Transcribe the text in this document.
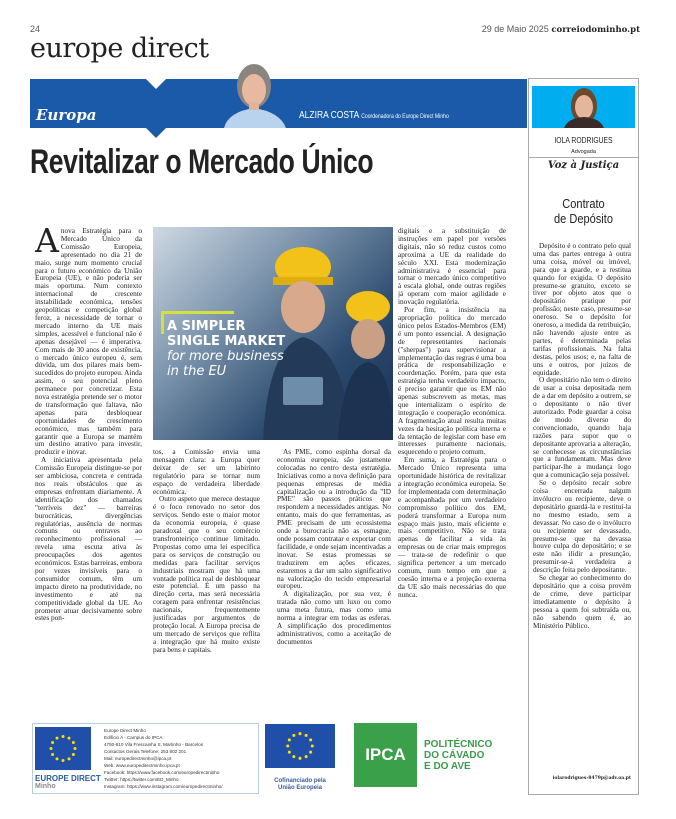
24	29 de Maio 2025 correiodominho.pt
europe direct
Europa	ALZIRA COSTA Coordenadora do Europe Direct Minho
Revitalizar o Mercado Único

A nova Estratégia para o Mercado Único da Comissão Europeia, apresentado no dia 21 de maio, surge num momento crucial para o futuro económico da União Europeia (UE), e não poderia ser mais oportuna. Num contexto internacional de crescente instabilidade económica, tensões geopolíticas e competição global feroz, a necessidade de tornar o mercado interno da UE mais simples, acessível e funcional não é apenas desejável — é imperativa. Com mais de 30 anos de existência, o mercado único europeu é, sem dúvida, um dos pilares mais bem-sucedidos do projeto europeu. Ainda assim, o seu potencial pleno permanece por concretizar. Esta nova estratégia pretende ser o motor de transformação que faltava, não apenas para desbloquear oportunidades de crescimento económico, mas também para garantir que a Europa se mantém um destino atrativo para investir, produzir e inovar.

A iniciativa apresentada pela Comissão Europeia distingue-se por ser ambiciosa, concreta e centrada nos reais obstáculos que as empresas enfrentam diariamente. A identificação dos chamados "terríveis dez" — barreiras burocráticas, divergências regulatórias, ausência de normas comuns ou entraves ao reconhecimento profissional — revela uma escuta ativa às preocupações dos agentes económicos. Estas barreiras, embora por vezes invisíveis para o consumidor comum, têm um impacto direto na produtividade, no investimento e até na competitividade global da UE. Ao prometer atuar decisivamente sobre estes pon-

A SIMPLER
SINGLE MARKET
for more business
in the EU

tos, a Comissão envia uma mensagem clara: a Europa quer deixar de ser um labirinto regulatório para se tornar num espaço de verdadeira liberdade económica.

Outro aspeto que merece destaque é o foco renovado no setor dos serviços. Sendo este o maior motor da economia europeia, é quase paradoxal que o seu comércio transfronteiriço continue limitado. Propostas como uma lei específica para os serviços de construção ou medidas para facilitar serviços industriais mostram que há uma vontade política real de desbloquear este potencial. É um passo na direção certa, mas será necessária coragem para enfrentar resistências nacionais, frequentemente justificadas por argumentos de proteção local. A Europa precisa de um mercado de serviços que reflita a integração que há muito existe para bens e capitais.

As PME, como espinha dorsal da economia europeia, são justamente colocadas no centro desta estratégia. Iniciativas como a nova definição para pequenas empresas de média capitalização ou a introdução da "ID PME" são passos práticos que respondem a necessidades antigas. No entanto, mais do que ferramentas, as PME precisam de um ecossistema onde a burocracia não as esmague, onde possam contratar e exportar com facilidade, e onde sejam incentivadas a inovar. Se estas promessas se traduzirem em ações eficazes, estaremos a dar um salto significativo na valorização do tecido empresarial europeu.

A digitalização, por sua vez, é tratada não como um luxo ou como uma meta futura, mas como uma norma a integrar em todas as esferas. A simplificação dos procedimentos administrativos, como a aceitação de documentos

digitais e a substituição de instruções em papel por versões digitais, não só reduz custos como aproxima a UE da realidade do século XXI. Esta modernização administrativa é essencial para tornar o mercado único competitivo à escala global, onde outras regiões já operam com maior agilidade e inovação regulatória.

Por fim, a insistência na apropriação política do mercado único pelos Estados-Membros (EM) é um ponto essencial. A designação de representantes nacionais ("sherpas") para supervisionar a implementação das regras é uma boa prática de responsabilização e coordenação. Porém, para que esta estratégia tenha verdadeiro impacto, é preciso garantir que os EM não apenas subscrevem as metas, mas que internalizam o espírito de integração e cooperação económica. A fragmentação atual resulta muitas vezes da hesitação política interna e da tentação de legislar com base em interesses puramente nacionais, esquecendo o projeto comum.

Em suma, a Estratégia para o Mercado Único representa uma oportunidade histórica de revitalizar a integração económica europeia. Se for implementada com determinação e acompanhada por um verdadeiro compromisso político dos EM, poderá transformar a Europa num espaço mais justo, mais eficiente e mais competitivo. Não se trata apenas de facilitar a vida às empresas ou de criar mais empregos — trata-se de redefinir o que significa pertencer a um mercado comum, num tempo em que a coesão interna e a projeção externa da UE são mais necessárias do que nunca.

IOLA RODRIGUES
Advogada
Voz à Justiça
Contrato
de Depósito

Depósito é o contrato pelo qual uma das partes entrega à outra uma coisa, móvel ou imóvel, para que a guarde, e a restitua quando for exigida. O depósito presume-se gratuito, exceto se tiver por objeto atos que o depositário pratique por profissão; neste caso, presume-se oneroso. Se o depósito for oneroso, a medida da retribuição, não havendo ajuste entre as partes, é determinada pelas tarifas profissionais. Na falta destas, pelos usos; e, na falta de uns e outros, por juízos de equidade.

O depositário não tem o direito de usar a coisa depositada nem de a dar em depósito a outrem, se o depositante o não tiver autorizado. Pode guardar a coisa de modo diverso do convencionado, quando haja razões para supor que o depositante aprovaria a alteração, se conhecesse as circunstâncias que a fundamentam. Mas deve participar-lhe a mudança logo que a comunicação seja possível.

Se o depósito recair sobre coisa encerrada nalgum invólucro ou recipiente, deve o depositário guardá-la e restituí-la no mesmo estado, sem a devassar. No caso de o invólucro ou recipiente ser devassado, presume-se que na devassa houve culpa do depositário; e se este não ilidir a presunção, presumir-se-á verdadeira a descrição feita pelo depositante.

Se chegar ao conhecimento do depositário que a coisa provém de crime, deve participar imediatamente o depósito à pessoa a quem foi subtraída ou, não sabendo quem é, ao Ministério Público.

iolarodrigues-8479p@adv.oa.pt
EUROPE DIRECT
Minho
Europe Direct Minho
Edifício A - Campus do IPCA
4750-810 Vila Frescainha S. Martinho - Barcelos
Contactos Gerais Telefone: 253 802 201
Mail: europedirectminho@ipca.pt
Web: www.europedirectminho.ipca.pt
Facebook: https://www.facebook.com/europedirectminho
Twitter: https://twitter.com/ED_Minho
Instagram: https://www.instagram.com/europedirectminho/
Cofinanciado pela
União Europeia
IPCA
POLITÉCNICO
DO CÁVADO
E DO AVE
